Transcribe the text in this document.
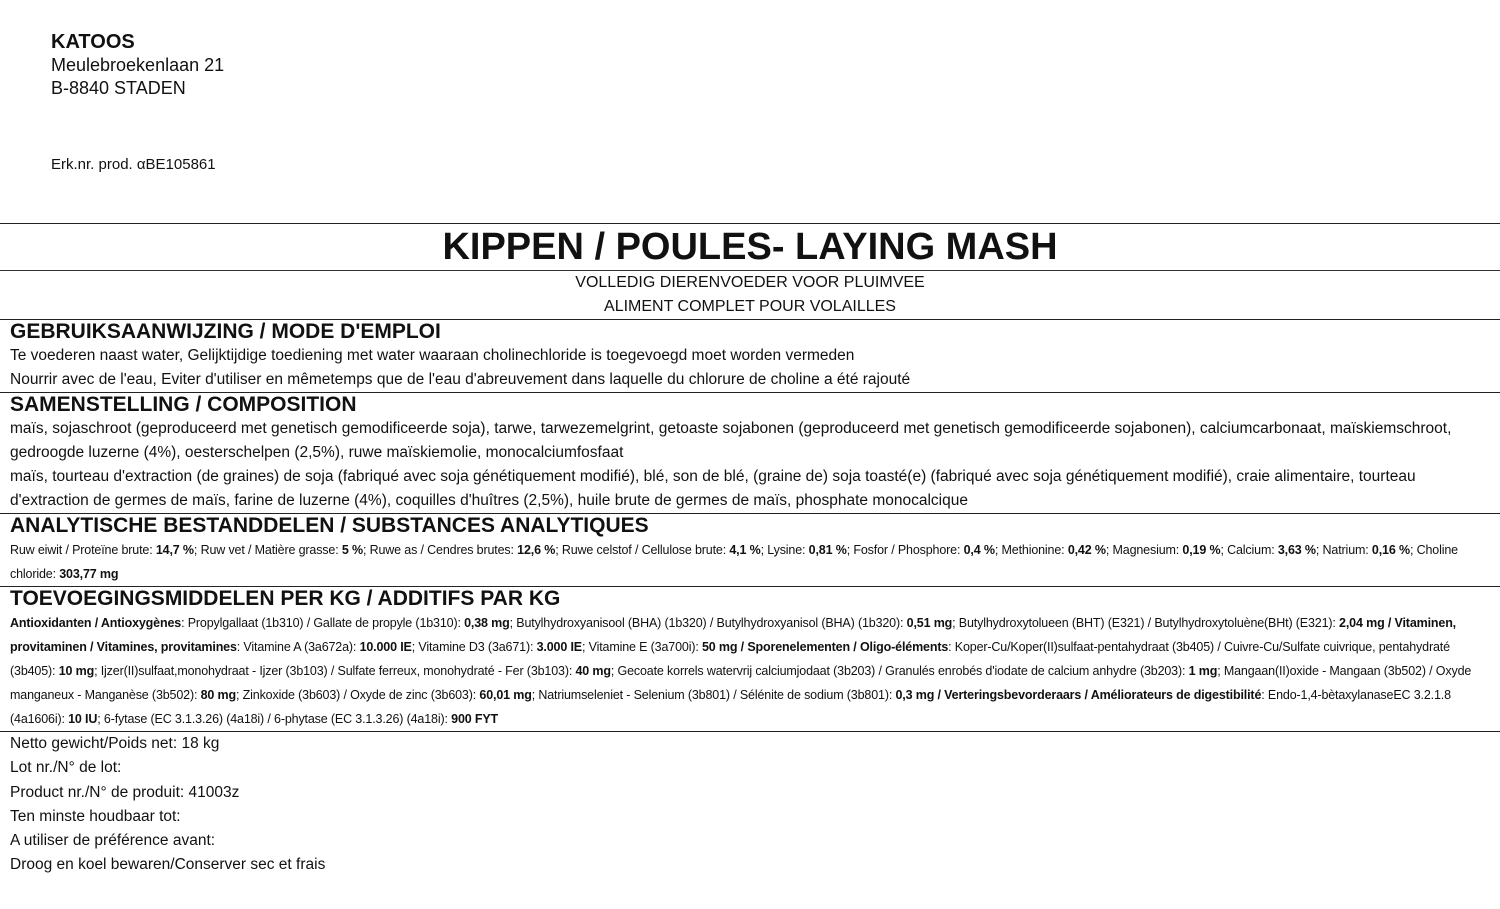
KATOOS
Meulebroekenlaan 21
B-8840 STADEN
Erk.nr. prod. αBE105861
KIPPEN / POULES- LAYING MASH
VOLLEDIG DIERENVOEDER VOOR PLUIMVEE
ALIMENT COMPLET POUR VOLAILLES
GEBRUIKSAANWIJZING / MODE D'EMPLOI

Te voederen naast water, Gelijktijdige toediening met water waaraan cholinechloride is toegevoegd moet worden vermeden

Nourrir avec de l'eau, Eviter d'utiliser en mêmetemps que de l'eau d'abreuvement dans laquelle du chlorure de choline a été rajouté

SAMENSTELLING / COMPOSITION

maïs, sojaschroot (geproduceerd met genetisch gemodificeerde soja), tarwe, tarwezemelgrint, getoaste sojabonen (geproduceerd met genetisch gemodificeerde sojabonen), calciumcarbonaat, maïskiemschroot, gedroogde luzerne (4%), oesterschelpen (2,5%), ruwe maïskiemolie, monocalciumfosfaat

maïs, tourteau d'extraction (de graines) de soja (fabriqué avec soja génétiquement modifié), blé, son de blé, (graine de) soja toasté(e) (fabriqué avec soja génétiquement modifié), craie alimentaire, tourteau d'extraction de germes de maïs, farine de luzerne (4%), coquilles d'huîtres (2,5%), huile brute de germes de maïs, phosphate monocalcique

ANALYTISCHE BESTANDDELEN / SUBSTANCES ANALYTIQUES

Ruw eiwit / Proteïne brute: 14,7 %; Ruw vet / Matière grasse: 5 %; Ruwe as / Cendres brutes: 12,6 %; Ruwe celstof / Cellulose brute: 4,1 %; Lysine: 0,81 %; Fosfor / Phosphore: 0,4 %; Methionine: 0,42 %; Magnesium: 0,19 %; Calcium: 3,63 %; Natrium: 0,16 %; Choline chloride: 303,77 mg

TOEVOEGINGSMIDDELEN PER KG / ADDITIFS PAR KG

Antioxidanten / Antioxygènes: Propylgallaat (1b310) / Gallate de propyle (1b310): 0,38 mg; Butylhydroxyanisool (BHA) (1b320) / Butylhydroxyanisol (BHA) (1b320): 0,51 mg; Butylhydroxytolueen (BHT) (E321) / Butylhydroxytoluène(BHt) (E321): 2,04 mg / Vitaminen, provitaminen / Vitamines, provitamines: Vitamine A (3a672a): 10.000 IE; Vitamine D3 (3a671): 3.000 IE; Vitamine E (3a700i): 50 mg / Sporenelementen / Oligo-éléments: Koper-Cu/Koper(II)sulfaat-pentahydraat (3b405) / Cuivre-Cu/Sulfate cuivrique, pentahydraté (3b405): 10 mg; Ijzer(II)sulfaat,monohydraat - Ijzer (3b103) / Sulfate ferreux, monohydraté - Fer (3b103): 40 mg; Gecoate korrels watervrij calciumjodaat (3b203) / Granulés enrobés d'iodate de calcium anhydre (3b203): 1 mg; Mangaan(II)oxide - Mangaan (3b502) / Oxyde manganeux - Manganèse (3b502): 80 mg; Zinkoxide (3b603) / Oxyde de zinc (3b603): 60,01 mg; Natriumseleniet - Selenium (3b801) / Sélénite de sodium (3b801): 0,3 mg / Verteringsbevorderaars / Améliorateurs de digestibilité: Endo-1,4-bètaxylanaseEC 3.2.1.8 (4a1606i): 10 IU; 6-fytase (EC 3.1.3.26) (4a18i) / 6-phytase (EC 3.1.3.26) (4a18i): 900 FYT

Netto gewicht/Poids net: 18 kg

Lot nr./N° de lot:

Product nr./N° de produit: 41003z

Ten minste houdbaar tot:

A utiliser de préférence avant:

Droog en koel bewaren/Conserver sec et frais
